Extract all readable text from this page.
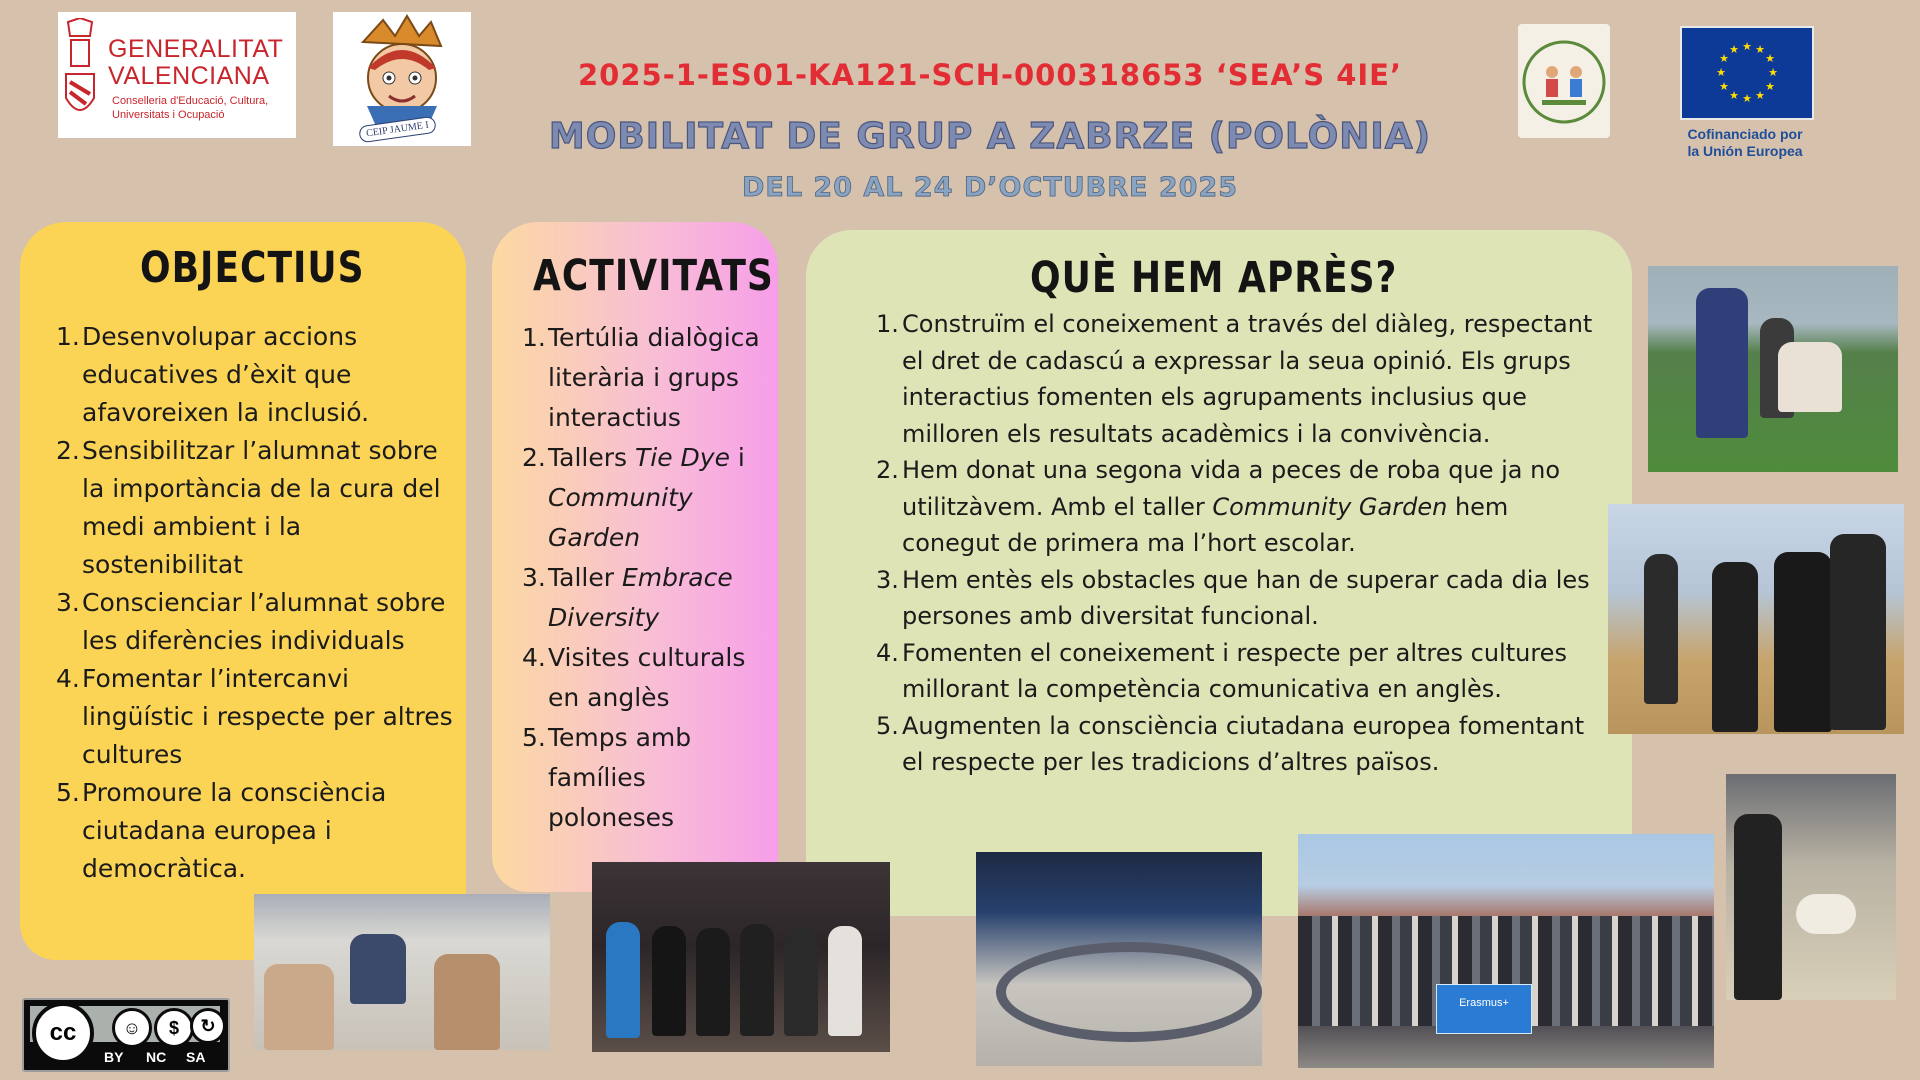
GENERALITAT
VALENCIANA
Conselleria d'Educació, Cultura,
Universitats i Ocupació
CEIP JAUME I
2025-1-ES01-KA121-SCH-000318653 ‘SEA’S 4IE’
MOBILITAT DE GRUP A ZABRZE (POLÒNIA)
DEL 20 AL 24 D’OCTUBRE 2025
★ ★
★
★
★
★
★
★
★
★
★
★
Cofinanciado por
la Unión Europea
OBJECTIUS	ACTIVITATS	QUÈ HEM APRÈS?
1. Desenvolupar accions educatives d’èxit que afavoreixen la inclusió.
2. Sensibilitzar l’alumnat sobre la importància de la cura del medi ambient i la sostenibilitat
3. Conscienciar l’alumnat sobre les diferències individuals
4. Fomentar l’intercanvi lingüístic i respecte per altres cultures
5. Promoure la consciència ciutadana europea i democràtica.
1. Tertúlia dialògica literària i grups interactius
2. Tallers Tie Dye i Community Garden
3. Taller Embrace Diversity
4. Visites culturals en anglès
5. Temps amb famílies poloneses
1. Construïm el coneixement a través del diàleg, respectant el dret de cadascú a expressar la seua opinió. Els grups interactius fomenten els agrupaments inclusius que milloren els resultats acadèmics i la convivència.
2. Hem donat una segona vida a peces de roba que ja no utilitzàvem. Amb el taller Community Garden hem conegut de primera ma l’hort escolar.
3. Hem entès els obstacles que han de superar cada dia les persones amb diversitat funcional.
4. Fomenten el coneixement i respecte per altres cultures millorant la competència comunicativa en anglès.
5. Augmenten la consciència ciutadana europea fomentant el respecte per les tradicions d’altres països.
Erasmus+
cc	☺	$	↻
BY NC SA
